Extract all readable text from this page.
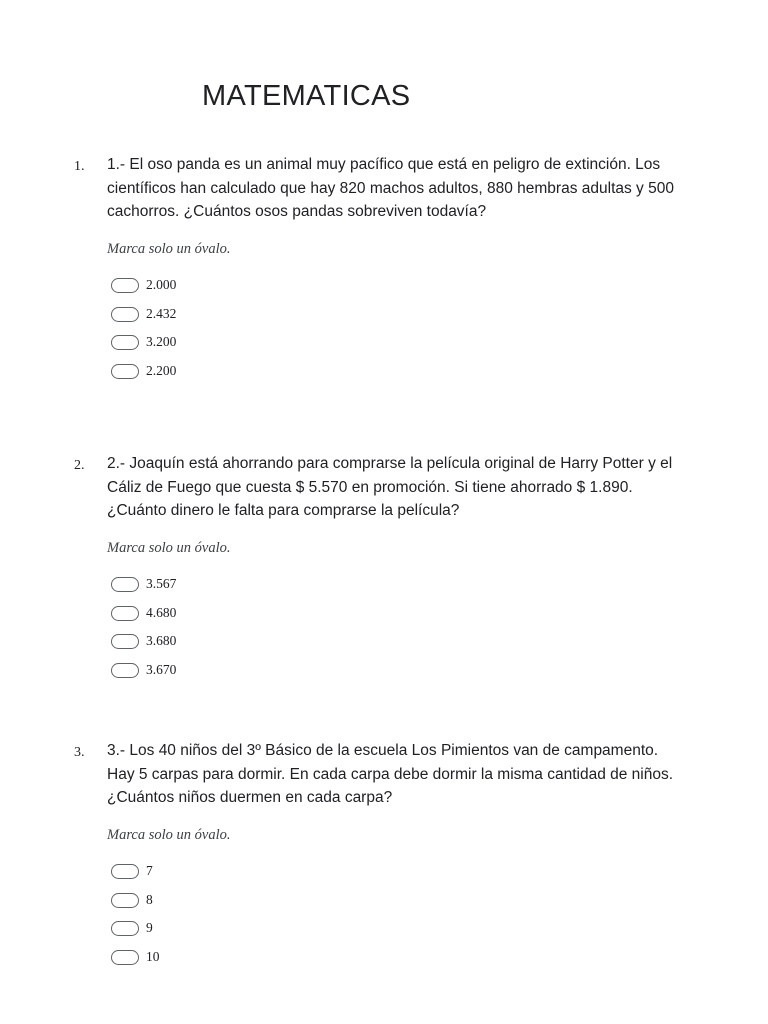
MATEMATICAS
1. 1.- El oso panda es un animal muy pacífico que está en peligro de extinción. Los científicos han calculado que hay 820 machos adultos, 880 hembras adultas y 500 cachorros. ¿Cuántos osos pandas sobreviven todavía?

Marca solo un óvalo.
2.000
2.432
3.200
2.200
2. 2.- Joaquín está ahorrando para comprarse la película original de Harry Potter y el Cáliz de Fuego que cuesta $ 5.570 en promoción. Si tiene ahorrado $ 1.890. ¿Cuánto dinero le falta para comprarse la película?

Marca solo un óvalo.
3.567
4.680
3.680
3.670
3. 3.- Los 40 niños del 3º Básico de la escuela Los Pimientos van de campamento. Hay 5 carpas para dormir. En cada carpa debe dormir la misma cantidad de niños. ¿Cuántos niños duermen en cada carpa?

Marca solo un óvalo.
7
8
9
10
